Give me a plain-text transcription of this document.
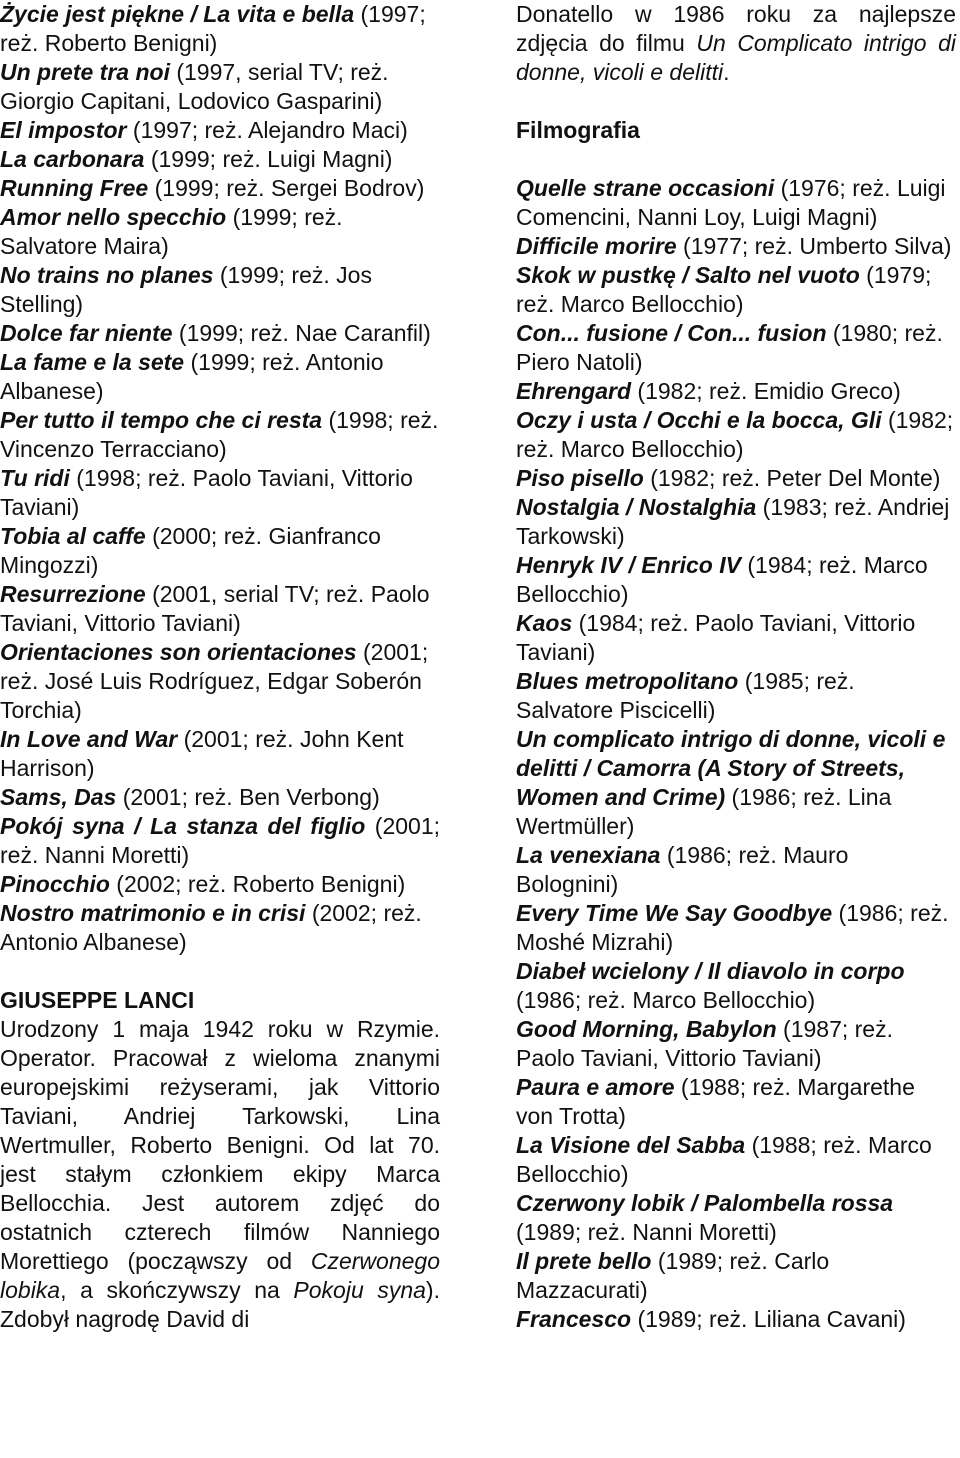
Życie jest piękne / La vita e bella (1997; reż. Roberto Benigni)

Un prete tra noi (1997, serial TV; reż. Giorgio Capitani, Lodovico Gasparini)

El impostor (1997; reż. Alejandro Maci)

La carbonara (1999; reż. Luigi Magni)

Running Free (1999; reż. Sergei Bodrov)

Amor nello specchio (1999; reż. Salvatore Maira)

No trains no planes (1999; reż. Jos Stelling)

Dolce far niente (1999; reż. Nae Caranfil)

La fame e la sete (1999; reż. Antonio Albanese)

Per tutto il tempo che ci resta (1998; reż. Vincenzo Terracciano)

Tu ridi (1998; reż. Paolo Taviani, Vittorio Taviani)

Tobia al caffe (2000; reż. Gianfranco Mingozzi)

Resurrezione (2001, serial TV; reż. Paolo Taviani, Vittorio Taviani)

Orientaciones son orientaciones (2001; reż. José Luis Rodríguez, Edgar Soberón Torchia)

In Love and War (2001; reż. John Kent Harrison)

Sams, Das (2001; reż. Ben Verbong)

Pokój syna / La stanza del figlio (2001; reż. Nanni Moretti)

Pinocchio (2002; reż. Roberto Benigni)

Nostro matrimonio e in crisi (2002; reż. Antonio Albanese)

GIUSEPPE LANCI

Urodzony 1 maja 1942 roku w Rzymie. Operator. Pracował z wieloma znanymi europejskimi reżyserami, jak Vittorio Taviani, Andriej Tarkowski, Lina Wertmuller, Roberto Benigni. Od lat 70. jest stałym członkiem ekipy Marca Bellocchia. Jest autorem zdjęć do ostatnich czterech filmów Nanniego Morettiego (począwszy od Czerwonego lobika, a skończywszy na Pokoju syna). Zdobył nagrodę David di

Donatello w 1986 roku za najlepsze zdjęcia do filmu Un Complicato intrigo di donne, vicoli e delitti.

Filmografia

Quelle strane occasioni (1976; reż. Luigi Comencini, Nanni Loy, Luigi Magni)

Difficile morire (1977; reż. Umberto Silva)

Skok w pustkę / Salto nel vuoto (1979; reż. Marco Bellocchio)

Con... fusione / Con... fusion (1980; reż. Piero Natoli)

Ehrengard (1982; reż. Emidio Greco)

Oczy i usta / Occhi e la bocca, Gli (1982; reż. Marco Bellocchio)

Piso pisello (1982; reż. Peter Del Monte)

Nostalgia / Nostalghia (1983; reż. Andriej Tarkowski)

Henryk IV / Enrico IV (1984; reż. Marco Bellocchio)

Kaos (1984; reż. Paolo Taviani, Vittorio Taviani)

Blues metropolitano (1985; reż. Salvatore Piscicelli)

Un complicato intrigo di donne, vicoli e delitti / Camorra (A Story of Streets, Women and Crime) (1986; reż. Lina Wertmüller)

La venexiana (1986; reż. Mauro Bolognini)

Every Time We Say Goodbye (1986; reż. Moshé Mizrahi)

Diabeł wcielony / Il diavolo in corpo (1986; reż. Marco Bellocchio)

Good Morning, Babylon (1987; reż. Paolo Taviani, Vittorio Taviani)

Paura e amore (1988; reż. Margarethe von Trotta)

La Visione del Sabba (1988; reż. Marco Bellocchio)

Czerwony lobik / Palombella rossa (1989; reż. Nanni Moretti)

Il prete bello (1989; reż. Carlo Mazzacurati)

Francesco (1989; reż. Liliana Cavani)
